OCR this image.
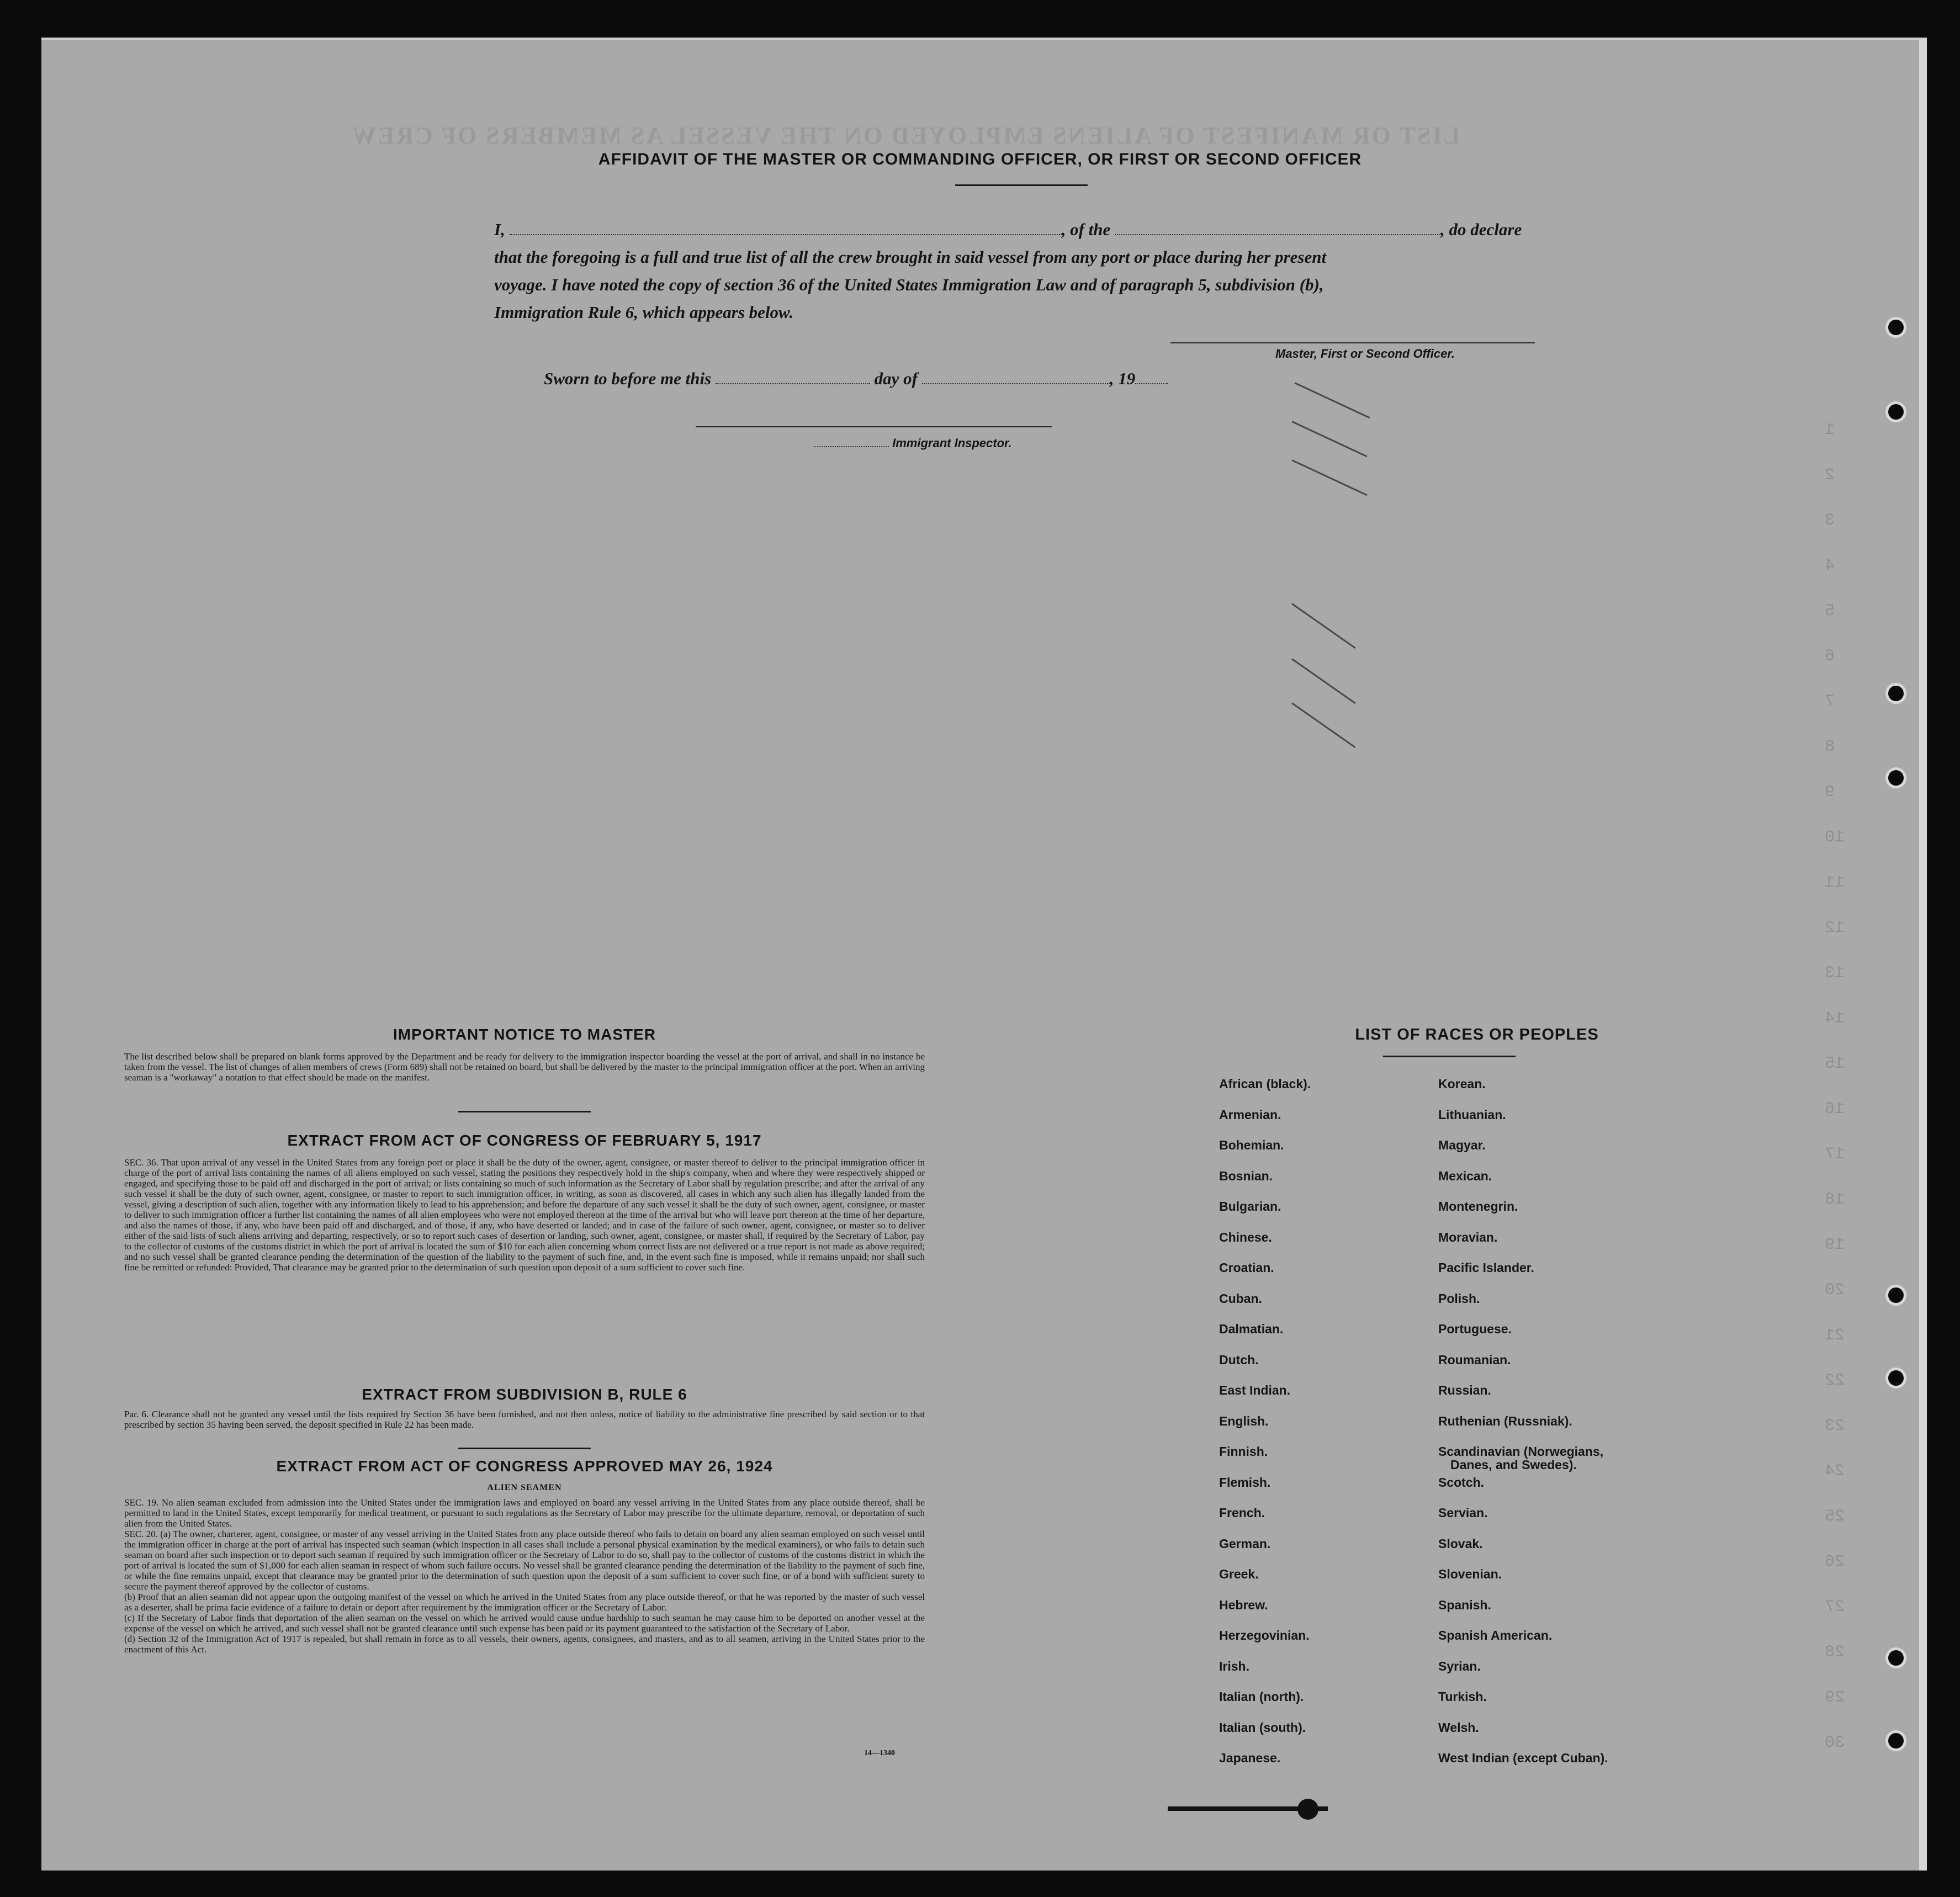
LIST OR MANIFEST OF ALIENS EMPLOYED ON THE VESSEL AS MEMBERS OF CREW
1
2
3
4
5
6
7
8
9
10
11
12
13
14
15
16
17
18
19
20
21
22
23
24
25
26
27
28
29
30
AFFIDAVIT OF THE MASTER OR COMMANDING OFFICER, OR FIRST OR SECOND OFFICER
I,	, of the	, do declare
that the foregoing is a full and true list of all the crew brought in said vessel from any port or place during her present
voyage. I have noted the copy of section 36 of the United States Immigration Law and of paragraph 5, subdivision (b),
Immigration Rule 6, which appears below.
Master, First or Second Officer.
Sworn to before me this	day of	, 19
Immigrant Inspector.
IMPORTANT NOTICE TO MASTER
The list described below shall be prepared on blank forms approved by the Department and be ready for delivery to the immigration inspector boarding the vessel at the port of arrival, and shall in no instance be taken from the vessel. The list of changes of alien members of crews (Form 689) shall not be retained on board, but shall be delivered by the master to the principal immigration officer at the port. When an arriving seaman is a "workaway" a notation to that effect should be made on the manifest.
EXTRACT FROM ACT OF CONGRESS OF FEBRUARY 5, 1917
SEC. 36. That upon arrival of any vessel in the United States from any foreign port or place it shall be the duty of the owner, agent, consignee, or master thereof to deliver to the principal immigration officer in charge of the port of arrival lists containing the names of all aliens employed on such vessel, stating the positions they respectively hold in the ship's company, when and where they were respectively shipped or engaged, and specifying those to be paid off and discharged in the port of arrival; or lists containing so much of such information as the Secretary of Labor shall by regulation prescribe; and after the arrival of any such vessel it shall be the duty of such owner, agent, consignee, or master to report to such immigration officer, in writing, as soon as discovered, all cases in which any such alien has illegally landed from the vessel, giving a description of such alien, together with any information likely to lead to his apprehension; and before the departure of any such vessel it shall be the duty of such owner, agent, consignee, or master to deliver to such immigration officer a further list containing the names of all alien employees who were not employed thereon at the time of the arrival but who will leave port thereon at the time of her departure, and also the names of those, if any, who have been paid off and discharged, and of those, if any, who have deserted or landed; and in case of the failure of such owner, agent, consignee, or master so to deliver either of the said lists of such aliens arriving and departing, respectively, or so to report such cases of desertion or landing, such owner, agent, consignee, or master shall, if required by the Secretary of Labor, pay to the collector of customs of the customs district in which the port of arrival is located the sum of $10 for each alien concerning whom correct lists are not delivered or a true report is not made as above required; and no such vessel shall be granted clearance pending the determination of the question of the liability to the payment of such fine, and, in the event such fine is imposed, while it remains unpaid; nor shall such fine be remitted or refunded: Provided, That clearance may be granted prior to the determination of such question upon deposit of a sum sufficient to cover such fine.
EXTRACT FROM SUBDIVISION B, RULE 6
Par. 6. Clearance shall not be granted any vessel until the lists required by Section 36 have been furnished, and not then unless, notice of liability to the administrative fine prescribed by said section or to that prescribed by section 35 having been served, the deposit specified in Rule 22 has been made.
EXTRACT FROM ACT OF CONGRESS APPROVED MAY 26, 1924
ALIEN SEAMEN

SEC. 19. No alien seaman excluded from admission into the United States under the immigration laws and employed on board any vessel arriving in the United States from any place outside thereof, shall be permitted to land in the United States, except temporarily for medical treatment, or pursuant to such regulations as the Secretary of Labor may prescribe for the ultimate departure, removal, or deportation of such alien from the United States.

SEC. 20. (a) The owner, charterer, agent, consignee, or master of any vessel arriving in the United States from any place outside thereof who fails to detain on board any alien seaman employed on such vessel until the immigration officer in charge at the port of arrival has inspected such seaman (which inspection in all cases shall include a personal physical examination by the medical examiners), or who fails to detain such seaman on board after such inspection or to deport such seaman if required by such immigration officer or the Secretary of Labor to do so, shall pay to the collector of customs of the customs district in which the port of arrival is located the sum of $1,000 for each alien seaman in respect of whom such failure occurs. No vessel shall be granted clearance pending the determination of the liability to the payment of such fine, or while the fine remains unpaid, except that clearance may be granted prior to the determination of such question upon the deposit of a sum sufficient to cover such fine, or of a bond with sufficient surety to secure the payment thereof approved by the collector of customs.

(b) Proof that an alien seaman did not appear upon the outgoing manifest of the vessel on which he arrived in the United States from any place outside thereof, or that he was reported by the master of such vessel as a deserter, shall be prima facie evidence of a failure to detain or deport after requirement by the immigration officer or the Secretary of Labor.

(c) If the Secretary of Labor finds that deportation of the alien seaman on the vessel on which he arrived would cause undue hardship to such seaman he may cause him to be deported on another vessel at the expense of the vessel on which he arrived, and such vessel shall not be granted clearance until such expense has been paid or its payment guaranteed to the satisfaction of the Secretary of Labor.

(d) Section 32 of the Immigration Act of 1917 is repealed, but shall remain in force as to all vessels, their owners, agents, consignees, and masters, and as to all seamen, arriving in the United States prior to the enactment of this Act.

14—1340
LIST OF RACES OR PEOPLES
African (black).
Armenian.
Bohemian.
Bosnian.
Bulgarian.
Chinese.
Croatian.
Cuban.
Dalmatian.
Dutch.
East Indian.
English.
Finnish.
Flemish.
French.
German.
Greek.
Hebrew.
Herzegovinian.
Irish.
Italian (north).
Italian (south).
Japanese.
Korean.
Lithuanian.
Magyar.
Mexican.
Montenegrin.
Moravian.
Pacific Islander.
Polish.
Portuguese.
Roumanian.
Russian.
Ruthenian (Russniak).
Scandinavian (Norwegians,
Danes, and Swedes).
Scotch.
Servian.
Slovak.
Slovenian.
Spanish.
Spanish American.
Syrian.
Turkish.
Welsh.
West Indian (except Cuban).
